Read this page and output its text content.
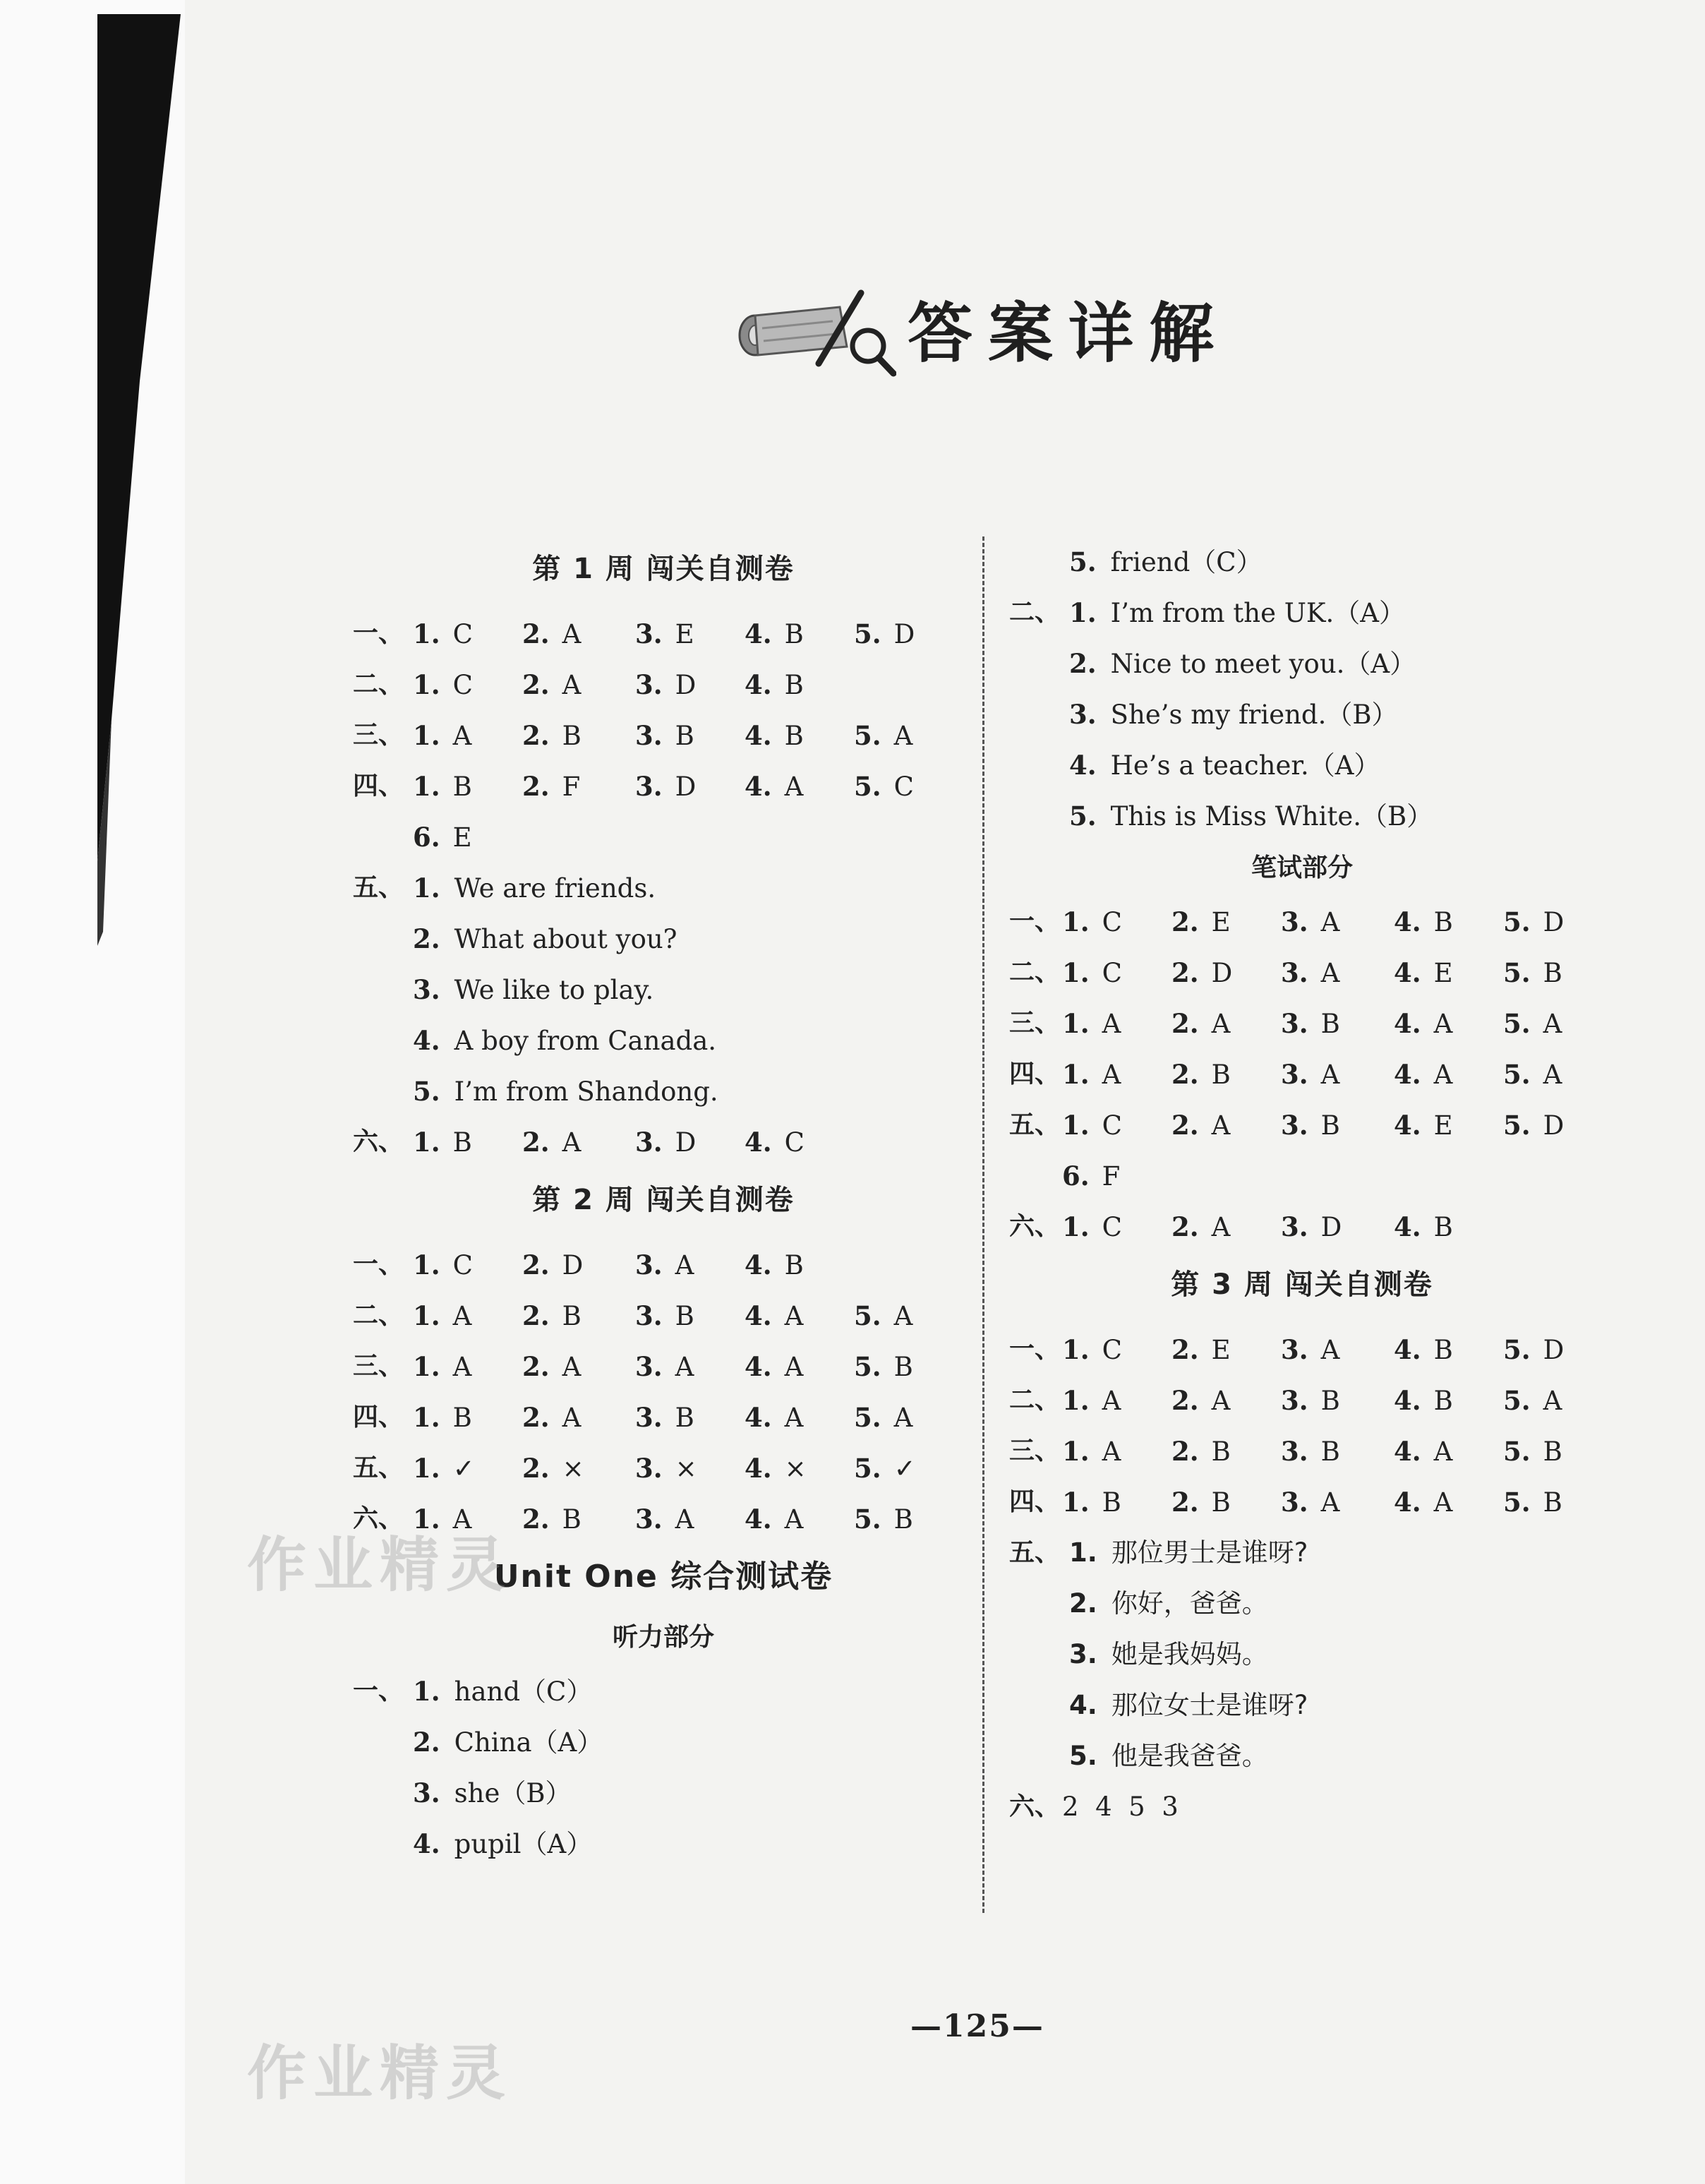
答案详解
第 1 周 闯关自测卷
一、 1. C 2. A 3. E 4. B 5. D
二、 1. C 2. A 3. D 4. B
三、 1. A 2. B 3. B 4. B 5. A
四、 1. B 2. F 3. D 4. A 5. C
6. E
五、 1. We are friends.
2. What about you?
3. We like to play.
4. A boy from Canada.
5. I’m from Shandong.
六、 1. B 2. A 3. D 4. C
第 2 周 闯关自测卷
一、 1. C 2. D 3. A 4. B
二、 1. A 2. B 3. B 4. A 5. A
三、 1. A 2. A 3. A 4. A 5. B
四、 1. B 2. A 3. B 4. A 5. A
五、 1. ✓ 2. × 3. × 4. × 5. ✓
六、 1. A 2. B 3. A 4. A 5. B
Unit One 综合测试卷
听力部分
一、 1. hand（C）
2. China（A）
3. she（B）
4. pupil（A）
5. friend（C）
二、 1. I’m from the UK.（A）
2. Nice to meet you.（A）
3. She’s my friend.（B）
4. He’s a teacher.（A）
5. This is Miss White.（B）
笔试部分
一、 1. C 2. E 3. A 4. B 5. D
二、 1. C 2. D 3. A 4. E 5. B
三、 1. A 2. A 3. B 4. A 5. A
四、 1. A 2. B 3. A 4. A 5. A
五、 1. C 2. A 3. B 4. E 5. D
6. F
六、 1. C 2. A 3. D 4. B
第 3 周 闯关自测卷
一、 1. C 2. E 3. A 4. B 5. D
二、 1. A 2. A 3. B 4. B 5. A
三、 1. A 2. B 3. B 4. A 5. B
四、 1. B 2. B 3. A 4. A 5. B
五、 1. 那位男士是谁呀?
2. 你好，爸爸。
3. 她是我妈妈。
4. 那位女士是谁呀?
5. 他是我爸爸。
六、 2  4  5  3
—125—
作业精灵
作业精灵
